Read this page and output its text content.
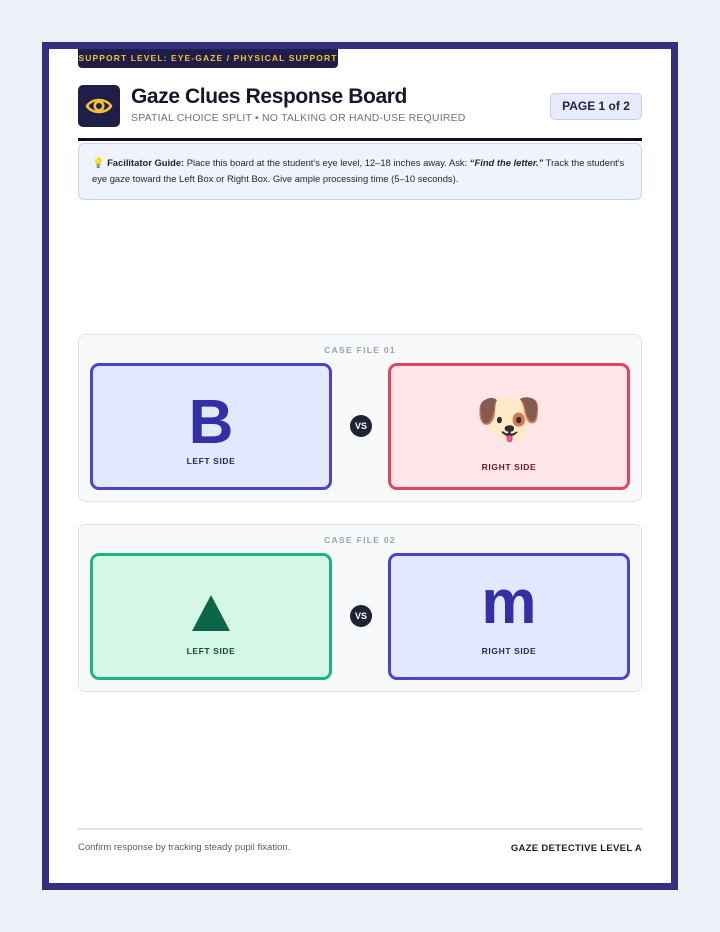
SUPPORT LEVEL: EYE-GAZE / PHYSICAL SUPPORT
Gaze Clues Response Board
SPATIAL CHOICE SPLIT • NO TALKING OR HAND-USE REQUIRED
PAGE 1 of 2
💡 Facilitator Guide: Place this board at the student's eye level, 12–18 inches away. Ask: “Find the letter.” Track the student's eye gaze toward the Left Box or Right Box. Give ample processing time (5–10 seconds).
CASE FILE 01
B
LEFT SIDE
VS	🐶
RIGHT SIDE
CASE FILE 02
LEFT SIDE
VS	m
RIGHT SIDE
Confirm response by tracking steady pupil fixation.	GAZE DETECTIVE LEVEL A
